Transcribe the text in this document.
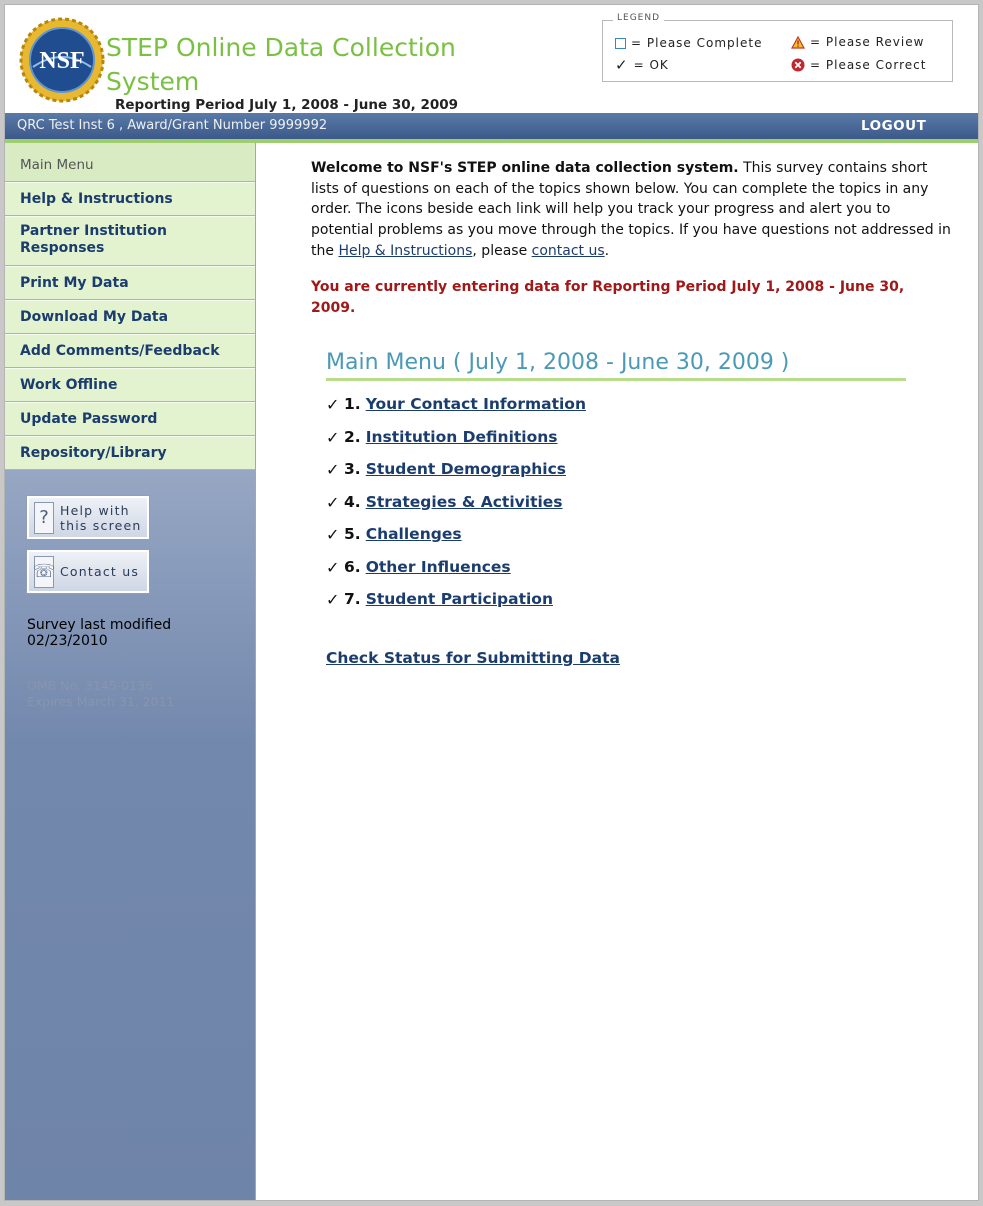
NSF STEP Online Data Collection System
Reporting Period July 1, 2008 - June 30, 2009
LEGEND
= Please Complete
✓ = OK
= Please Review
= Please Correct
QRC Test Inst 6 , Award/Grant Number 9999992	LOGOUT
Main Menu
Help & Instructions
Partner Institution Responses
Print My Data
Download My Data
Add Comments/Feedback
Work Offline
Update Password
Repository/Library
? Help with
this screen
☏ Contact us
Survey last modified
02/23/2010
OMB No. 3145-0136
Expires March 31, 2011

Welcome to NSF's STEP online data collection system. This survey contains short lists of questions on each of the topics shown below. You can complete the topics in any order. The icons beside each link will help you track your progress and alert you to potential problems as you move through the topics. If you have questions not addressed in the Help & Instructions, please contact us.

You are currently entering data for Reporting Period July 1, 2008 - June 30, 2009.

Main Menu ( July 1, 2008 - June 30, 2009 )
✓ 1. Your Contact Information
✓ 2. Institution Definitions
✓ 3. Student Demographics
✓ 4. Strategies & Activities
✓ 5. Challenges
✓ 6. Other Influences
✓ 7. Student Participation
Check Status for Submitting Data
